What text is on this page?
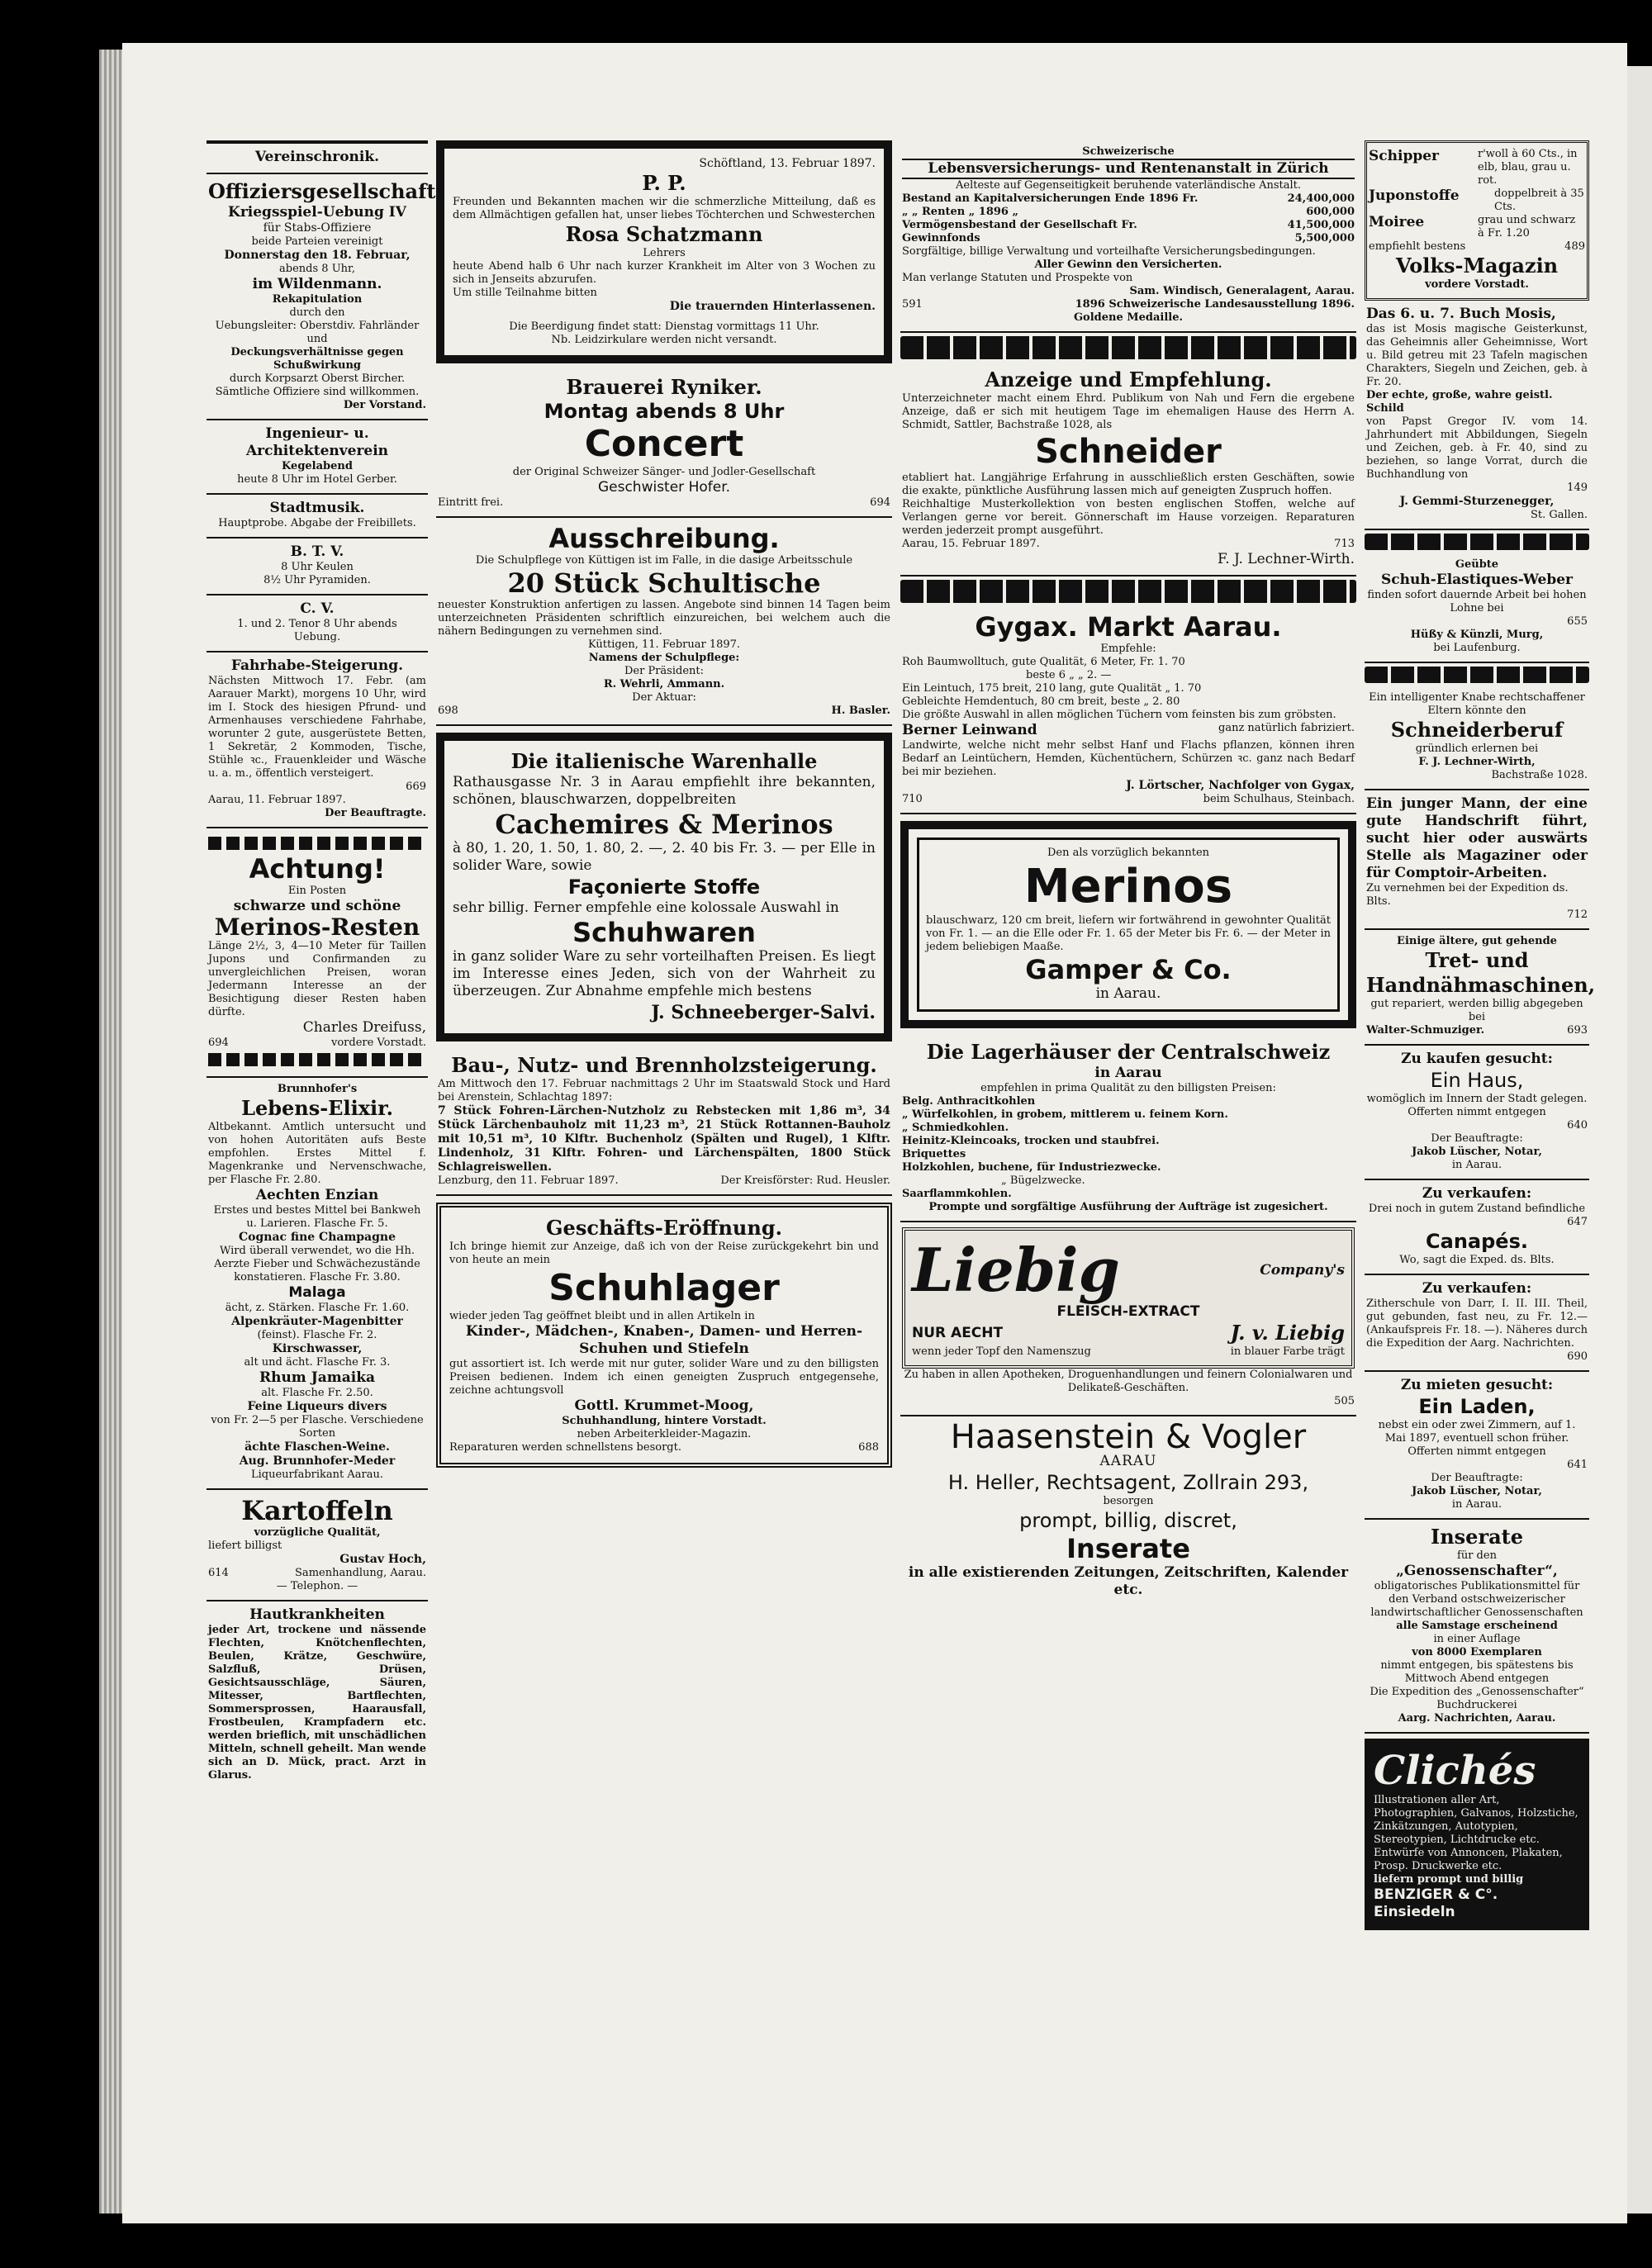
Vereinschronik.
Offiziersgesellschaft.
Kriegsspiel-Uebung IV
für Stabs-Offiziere
beide Parteien vereinigt
Donnerstag den 18. Februar,
abends 8 Uhr,
im Wildenmann.
Rekapitulation
durch den
Uebungsleiter: Oberstdiv. Fahrländer
und
Deckungsverhältnisse gegen
Schußwirkung
durch Korpsarzt Oberst Bircher.
Sämtliche Offiziere sind willkommen.
Der Vorstand.
Ingenieur- u. Architektenverein
Kegelabend
heute 8 Uhr im Hotel Gerber.
Stadtmusik.
Hauptprobe. Abgabe der Freibillets.
B. T. V.
8 Uhr Keulen
8½ Uhr Pyramiden.
C. V.
1. und 2. Tenor 8 Uhr abends
Uebung.
Fahrhabe-Steigerung.
Nächsten Mittwoch 17. Febr. (am Aarauer Markt), morgens 10 Uhr, wird im I. Stock des hiesigen Pfrund- und Armenhauses verschiedene Fahrhabe, worunter 2 gute, ausgerüstete Betten, 1 Sekretär, 2 Kommoden, Tische, Stühle ꝛc., Frauenkleider und Wäsche u. a. m., öffentlich versteigert.
669
Aarau, 11. Februar 1897.
Der Beauftragte.
Achtung!
Ein Posten
schwarze und schöne
Merinos-Resten
Länge 2½, 3, 4—10 Meter für Taillen Jupons und Confirmanden zu unvergleichlichen Preisen, woran Jedermann Interesse an der Besichtigung dieser Resten haben dürfte.
Charles Dreifuss,
694	vordere Vorstadt.
Brunnhofer's
Lebens-Elixir.
Altbekannt. Amtlich untersucht und von hohen Autoritäten aufs Beste empfohlen. Erstes Mittel f. Magenkranke und Nervenschwache, per Flasche Fr. 2.80.
Aechten Enzian
Erstes und bestes Mittel bei Bankweh u. Larieren. Flasche Fr. 5.
Cognac fine Champagne
Wird überall verwendet, wo die Hh. Aerzte Fieber und Schwächezustände konstatieren. Flasche Fr. 3.80.
Malaga
ächt, z. Stärken. Flasche Fr. 1.60.
Alpenkräuter-Magenbitter
(feinst). Flasche Fr. 2.
Kirschwasser,
alt und ächt. Flasche Fr. 3.
Rhum Jamaika
alt. Flasche Fr. 2.50.
Feine Liqueurs divers
von Fr. 2—5 per Flasche. Verschiedene Sorten
ächte Flaschen-Weine.
Aug. Brunnhofer-Meder
Liqueurfabrikant Aarau.
Kartoffeln
vorzügliche Qualität,
liefert billigst
Gustav Hoch,
614	Samenhandlung, Aarau.
— Telephon. —
Hautkrankheiten
jeder Art, trockene und nässende Flechten, Knötchenflechten, Beulen, Krätze, Geschwüre, Salzfluß, Drüsen, Gesichtsausschläge, Säuren, Mitesser, Bartflechten, Sommersprossen, Haarausfall, Frostbeulen, Krampfadern etc. werden brieflich, mit unschädlichen Mitteln, schnell geheilt. Man wende sich an D. Mück, pract. Arzt in Glarus.
Schöftland, 13. Februar 1897.
P. P.
Freunden und Bekannten machen wir die schmerzliche Mitteilung, daß es dem Allmächtigen gefallen hat, unser liebes Töchterchen und Schwesterchen
Rosa Schatzmann
Lehrers
heute Abend halb 6 Uhr nach kurzer Krankheit im Alter von 3 Wochen zu sich in Jenseits abzurufen.
Um stille Teilnahme bitten
Die trauernden Hinterlassenen.
Die Beerdigung findet statt: Dienstag vormittags 11 Uhr.
Nb. Leidzirkulare werden nicht versandt.
Brauerei Ryniker.
Montag abends 8 Uhr
Concert
der Original Schweizer Sänger- und Jodler-Gesellschaft
Geschwister Hofer.
Eintritt frei.	694
Ausschreibung.
Die Schulpflege von Küttigen ist im Falle, in die dasige Arbeitsschule
20 Stück Schultische
neuester Konstruktion anfertigen zu lassen. Angebote sind binnen 14 Tagen beim unterzeichneten Präsidenten schriftlich einzureichen, bei welchem auch die nähern Bedingungen zu vernehmen sind.
Küttigen, 11. Februar 1897.
Namens der Schulpflege:
Der Präsident:
R. Wehrli, Ammann.
Der Aktuar:
698	H. Basler.
Die italienische Warenhalle
Rathausgasse Nr. 3 in Aarau empfiehlt ihre bekannten, schönen, blauschwarzen, doppelbreiten
Cachemires & Merinos
à 80, 1. 20, 1. 50, 1. 80, 2. —, 2. 40 bis Fr. 3. — per Elle in solider Ware, sowie
Façonierte Stoffe
sehr billig. Ferner empfehle eine kolossale Auswahl in
Schuhwaren
in ganz solider Ware zu sehr vorteilhaften Preisen. Es liegt im Interesse eines Jeden, sich von der Wahrheit zu überzeugen. Zur Abnahme empfehle mich bestens
J. Schneeberger-Salvi.
Bau-, Nutz- und Brennholzsteigerung.
Am Mittwoch den 17. Februar nachmittags 2 Uhr im Staatswald Stock und Hard bei Arenstein, Schlachtag 1897:
7 Stück Fohren-Lärchen-Nutzholz zu Rebstecken mit 1,86 m³, 34 Stück Lärchenbauholz mit 11,23 m³, 21 Stück Rottannen-Bauholz mit 10,51 m³, 10 Klftr. Buchenholz (Spälten und Rugel), 1 Klftr. Lindenholz, 31 Klftr. Fohren- und Lärchenspälten, 1800 Stück Schlagreiswellen.
Lenzburg, den 11. Februar 1897.	Der Kreisförster: Rud. Heusler.
Geschäfts-Eröffnung.
Ich bringe hiemit zur Anzeige, daß ich von der Reise zurückgekehrt bin und von heute an mein
Schuhlager
wieder jeden Tag geöffnet bleibt und in allen Artikeln in
Kinder-, Mädchen-, Knaben-, Damen- und Herren-Schuhen und Stiefeln
gut assortiert ist. Ich werde mit nur guter, solider Ware und zu den billigsten Preisen bedienen. Indem ich einen geneigten Zuspruch entgegensehe, zeichne achtungsvoll
Gottl. Krummet-Moog,
Schuhhandlung, hintere Vorstadt.
neben Arbeiterkleider-Magazin.
Reparaturen werden schnellstens besorgt.	688
Schweizerische
Lebensversicherungs- und Rentenanstalt in Zürich
Aelteste auf Gegenseitigkeit beruhende vaterländische Anstalt.
Bestand an Kapitalversicherungen Ende 1896 Fr.	24,400,000
„ „ Renten „ 1896 „	600,000
Vermögensbestand der Gesellschaft Fr.	41,500,000
Gewinnfonds	5,500,000
Sorgfältige, billige Verwaltung und vorteilhafte Versicherungsbedingungen.
Aller Gewinn den Versicherten.
Man verlange Statuten und Prospekte von
Sam. Windisch, Generalagent, Aarau.
591	1896 Schweizerische Landesausstellung 1896.
Goldene Medaille.
Anzeige und Empfehlung.
Unterzeichneter macht einem Ehrd. Publikum von Nah und Fern die ergebene Anzeige, daß er sich mit heutigem Tage im ehemaligen Hause des Herrn A. Schmidt, Sattler, Bachstraße 1028, als
Schneider
etabliert hat. Langjährige Erfahrung in ausschließlich ersten Geschäften, sowie die exakte, pünktliche Ausführung lassen mich auf geneigten Zuspruch hoffen.
Reichhaltige Musterkollektion von besten englischen Stoffen, welche auf Verlangen gerne vor bereit. Gönnerschaft im Hause vorzeigen. Reparaturen werden jederzeit prompt ausgeführt.
Aarau, 15. Februar 1897.	713
F. J. Lechner-Wirth.
Gygax. Markt Aarau.
Empfehle:
Roh Baumwolltuch, gute Qualität, 6 Meter, Fr. 1. 70
beste 6 „ „ 2. —
Ein Leintuch, 175 breit, 210 lang, gute Qualität „ 1. 70
Gebleichte Hemdentuch, 80 cm breit, beste „ 2. 80
Die größte Auswahl in allen möglichen Tüchern vom feinsten bis zum gröbsten.
Berner Leinwand	ganz natürlich fabriziert.
Landwirte, welche nicht mehr selbst Hanf und Flachs pflanzen, können ihren Bedarf an Leintüchern, Hemden, Küchentüchern, Schürzen ꝛc. ganz nach Bedarf bei mir beziehen.
J. Lörtscher, Nachfolger von Gygax,
710	beim Schulhaus, Steinbach.
Den als vorzüglich bekannten
Merinos
blauschwarz, 120 cm breit, liefern wir fortwährend in gewohnter Qualität von Fr. 1. — an die Elle oder Fr. 1. 65 der Meter bis Fr. 6. — der Meter in jedem beliebigen Maaße.
Gamper & Co.
in Aarau.
Die Lagerhäuser der Centralschweiz
in Aarau
empfehlen in prima Qualität zu den billigsten Preisen:
Belg. Anthracitkohlen
„ Würfelkohlen, in grobem, mittlerem u. feinem Korn.
„ Schmiedkohlen.
Heinitz-Kleincoaks, trocken und staubfrei.
Briquettes
Holzkohlen, buchene, für Industriezwecke.
„ Bügelzwecke.
Saarflammkohlen.
Prompte und sorgfältige Ausführung der Aufträge ist zugesichert.
Liebig	Company's
FLEISCH-EXTRACT
NUR AECHT	J. v. Liebig
wenn jeder Topf den Namenszug	in blauer Farbe trägt
Zu haben in allen Apotheken, Droguenhandlungen und feinern Colonialwaren und Delikateß-Geschäften.
505
Haasenstein & Vogler
AARAU
H. Heller, Rechtsagent, Zollrain 293,
besorgen
prompt, billig, discret,
Inserate
in alle existierenden Zeitungen, Zeitschriften, Kalender etc.
Schipper	r'woll à 60 Cts., in elb, blau, grau u. rot.
Juponstoffe	doppelbreit à 35 Cts.
Moiree	grau und schwarz à Fr. 1.20
empfiehlt bestens	489
Volks-Magazin
vordere Vorstadt.
Das 6. u. 7. Buch Mosis,
das ist Mosis magische Geisterkunst, das Geheimnis aller Geheimnisse, Wort u. Bild getreu mit 23 Tafeln magischen Charakters, Siegeln und Zeichen, geb. à Fr. 20.
Der echte, große, wahre geistl. Schild
von Papst Gregor IV. vom 14. Jahrhundert mit Abbildungen, Siegeln und Zeichen, geb. à Fr. 40, sind zu beziehen, so lange Vorrat, durch die Buchhandlung von
149
J. Gemmi-Sturzenegger,
St. Gallen.
Geübte
Schuh-Elastiques-Weber
finden sofort dauernde Arbeit bei hohen Lohne bei
655
Hüßy & Künzli, Murg,
bei Laufenburg.
Ein intelligenter Knabe rechtschaffener Eltern könnte den
Schneiderberuf
gründlich erlernen bei
F. J. Lechner-Wirth,
Bachstraße 1028.
Ein junger Mann, der eine gute Handschrift führt, sucht hier oder auswärts Stelle als Magaziner oder für Comptoir-Arbeiten.
Zu vernehmen bei der Expedition ds. Blts.
712
Einige ältere, gut gehende
Tret- und Handnähmaschinen,
gut repariert, werden billig abgegeben bei
Walter-Schmuziger.	693
Zu kaufen gesucht:
Ein Haus,
womöglich im Innern der Stadt gelegen. Offerten nimmt entgegen
640
Der Beauftragte:
Jakob Lüscher, Notar,
in Aarau.
Zu verkaufen:
Drei noch in gutem Zustand befindliche
647
Canapés.
Wo, sagt die Exped. ds. Blts.
Zu verkaufen:
Zitherschule von Darr, I. II. III. Theil, gut gebunden, fast neu, zu Fr. 12.— (Ankaufspreis Fr. 18. —). Näheres durch die Expedition der Aarg. Nachrichten.
690
Zu mieten gesucht:
Ein Laden,
nebst ein oder zwei Zimmern, auf 1. Mai 1897, eventuell schon früher. Offerten nimmt entgegen
641
Der Beauftragte:
Jakob Lüscher, Notar,
in Aarau.
Inserate
für den
„Genossenschafter“,
obligatorisches Publikationsmittel für den Verband ostschweizerischer landwirtschaftlicher Genossenschaften
alle Samstage erscheinend
in einer Auflage
von 8000 Exemplaren
nimmt entgegen, bis spätestens bis Mittwoch Abend entgegen
Die Expedition des „Genossenschafter“
Buchdruckerei
Aarg. Nachrichten, Aarau.
Clichés
Illustrationen aller Art, Photographien, Galvanos, Holzstiche, Zinkätzungen, Autotypien, Stereotypien, Lichtdrucke etc.
Entwürfe von Annoncen, Plakaten, Prosp. Druckwerke etc.
liefern prompt und billig
BENZIGER & C°. Einsiedeln
